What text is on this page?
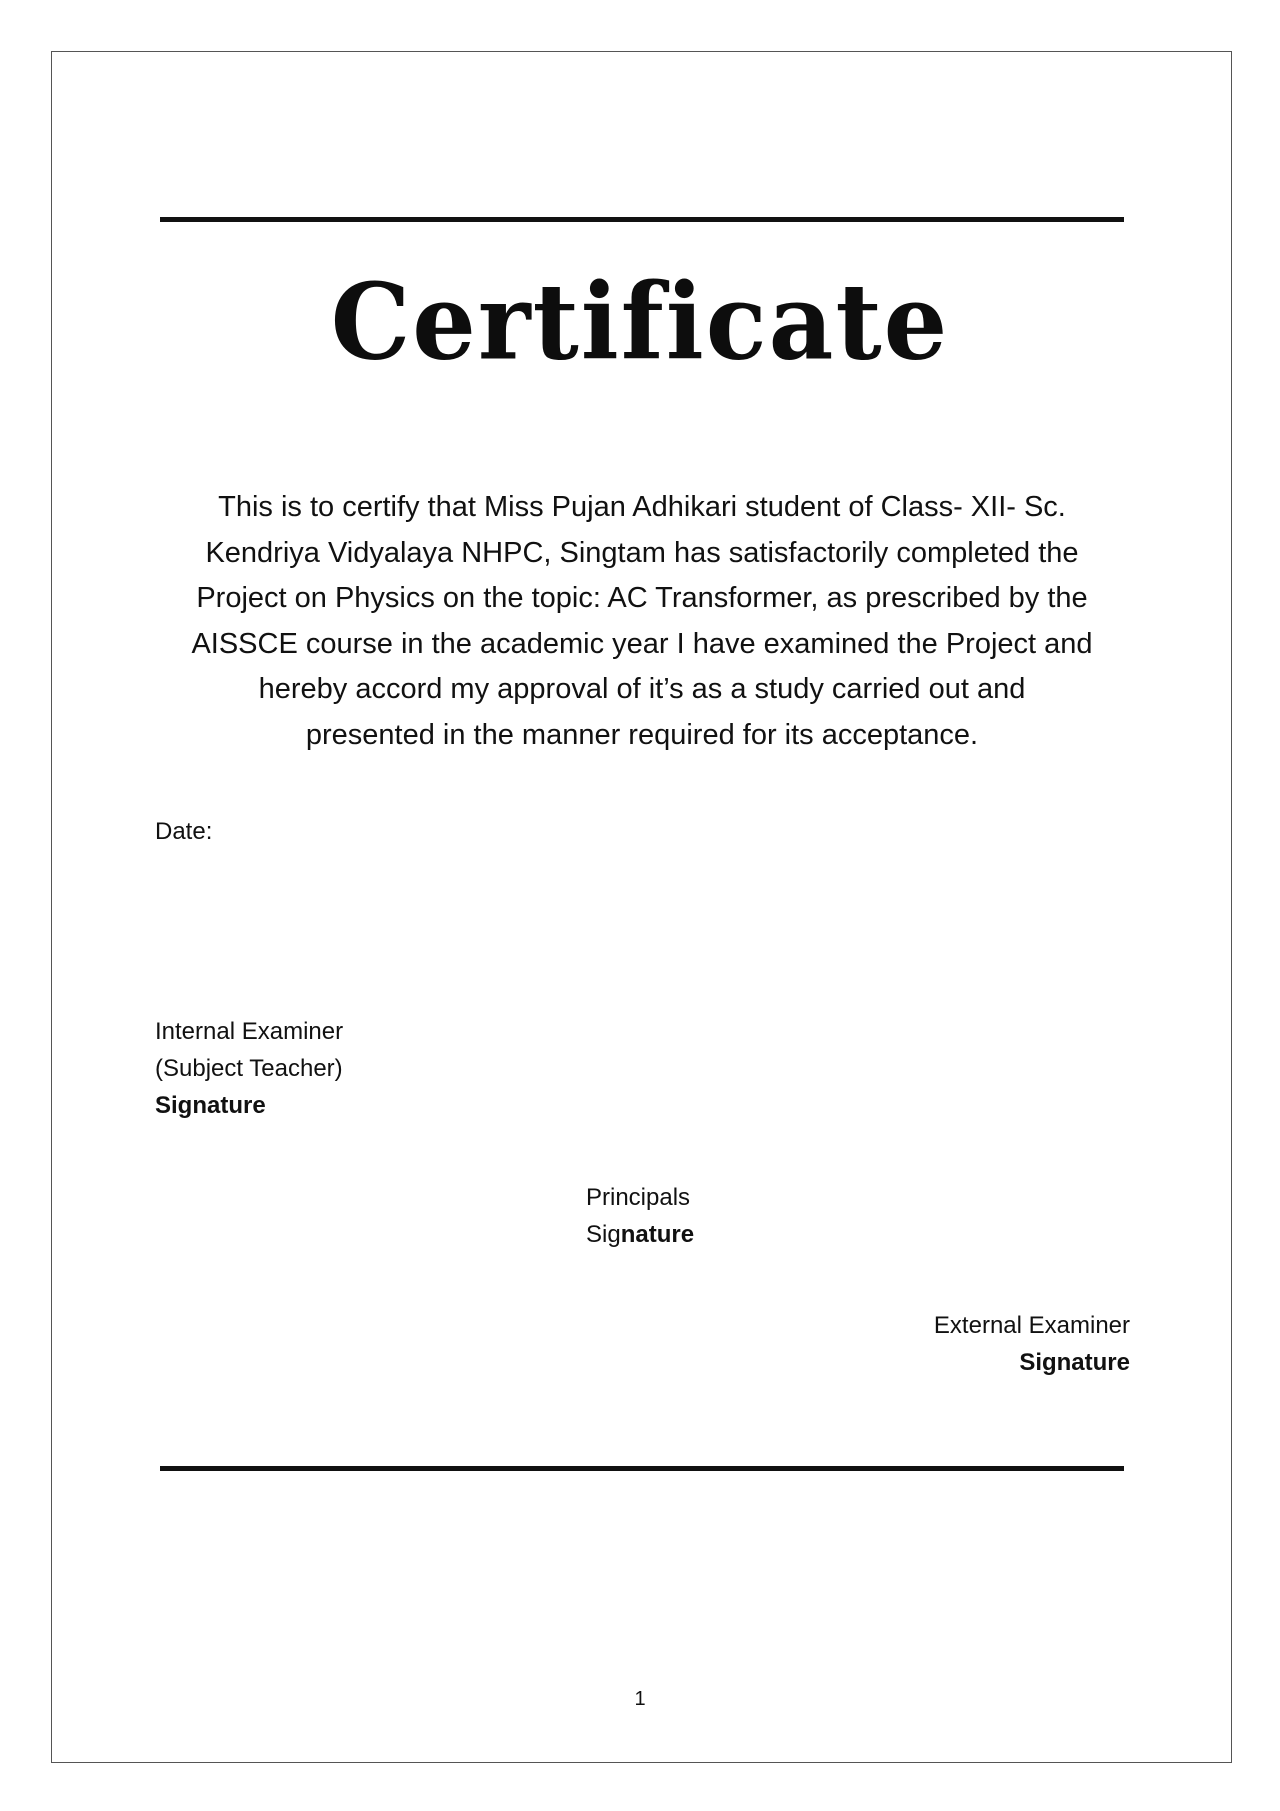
Certificate
This is to certify that Miss Pujan Adhikari student of Class- XII- Sc.
Kendriya Vidyalaya NHPC, Singtam has satisfactorily completed the
Project on Physics on the topic: AC Transformer, as prescribed by the
AISSCE course in the academic year I have examined the Project and
hereby accord my approval of it’s as a study carried out and
presented in the manner required for its acceptance.
Date:
Internal Examiner
(Subject Teacher)
Signature
Principals
Signature
External Examiner
Signature
1
